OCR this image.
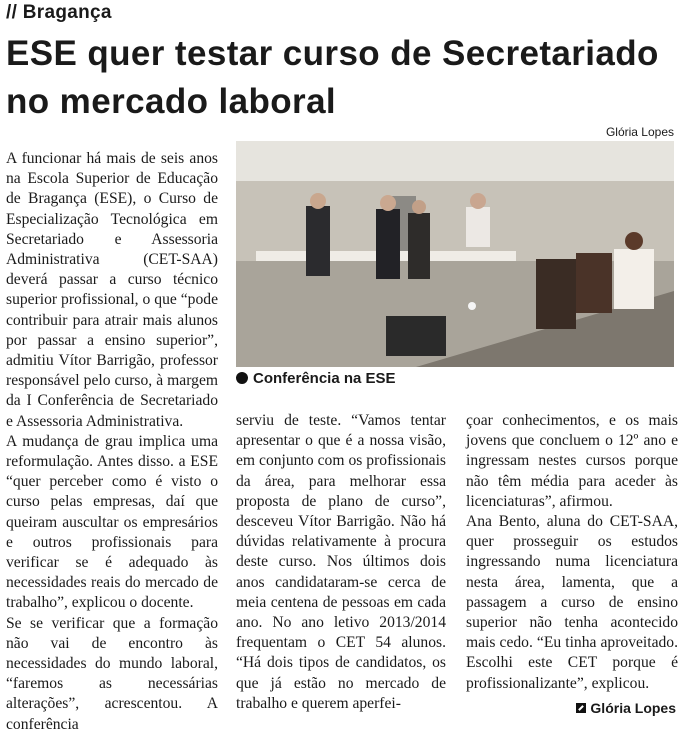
// Bragança
ESE quer testar curso de Secretariado no mercado laboral
Glória Lopes

A funcionar há mais de seis anos na Escola Superior de Educação de Bragança (ESE), o Curso de Especialização Tecnológica em Secretariado e Assessoria Administrativa (CET-SAA) deverá passar a curso técnico superior profissional, o que “pode contribuir para atrair mais alunos por passar a ensino superior”, admitiu Vítor Barrigão, professor responsável pelo curso, à margem da I Conferência de Secretariado e Assessoria Administrativa.

A mudança de grau implica uma reformulação. Antes disso. a ESE “quer perceber como é visto o curso pelas empresas, daí que queiram auscultar os empresários e outros profissionais para verificar se é adequado às necessidades reais do mercado de trabalho”, explicou o docente.

Se se verificar que a formação não vai de encontro às necessidades do mundo laboral, “faremos as necessárias alterações”, acrescentou. A conferência

Conferência na ESE

serviu de teste. “Vamos tentar apresentar o que é a nossa visão, em conjunto com os profissionais da área, para melhorar essa proposta de plano de curso”, desceveu Vítor Barrigão. Não há dúvidas relativamente à procura deste curso. Nos últimos dois anos candidataram-se cerca de meia centena de pessoas em cada ano. No ano letivo 2013/2014 frequentam o CET 54 alunos. “Há dois tipos de candidatos, os que já estão no mercado de trabalho e querem aperfei-

çoar conhecimentos, e os mais jovens que concluem o 12º ano e ingressam nestes cursos porque não têm média para aceder às licenciaturas”, afirmou.

Ana Bento, aluna do CET-SAA, quer prosseguir os estudos ingressando numa licenciatura nesta área, lamenta, que a passagem a curso de ensino superior não tenha acontecido mais cedo. “Eu tinha aproveitado. Escolhi este CET porque é profissionalizante”, explicou.

Glória Lopes
